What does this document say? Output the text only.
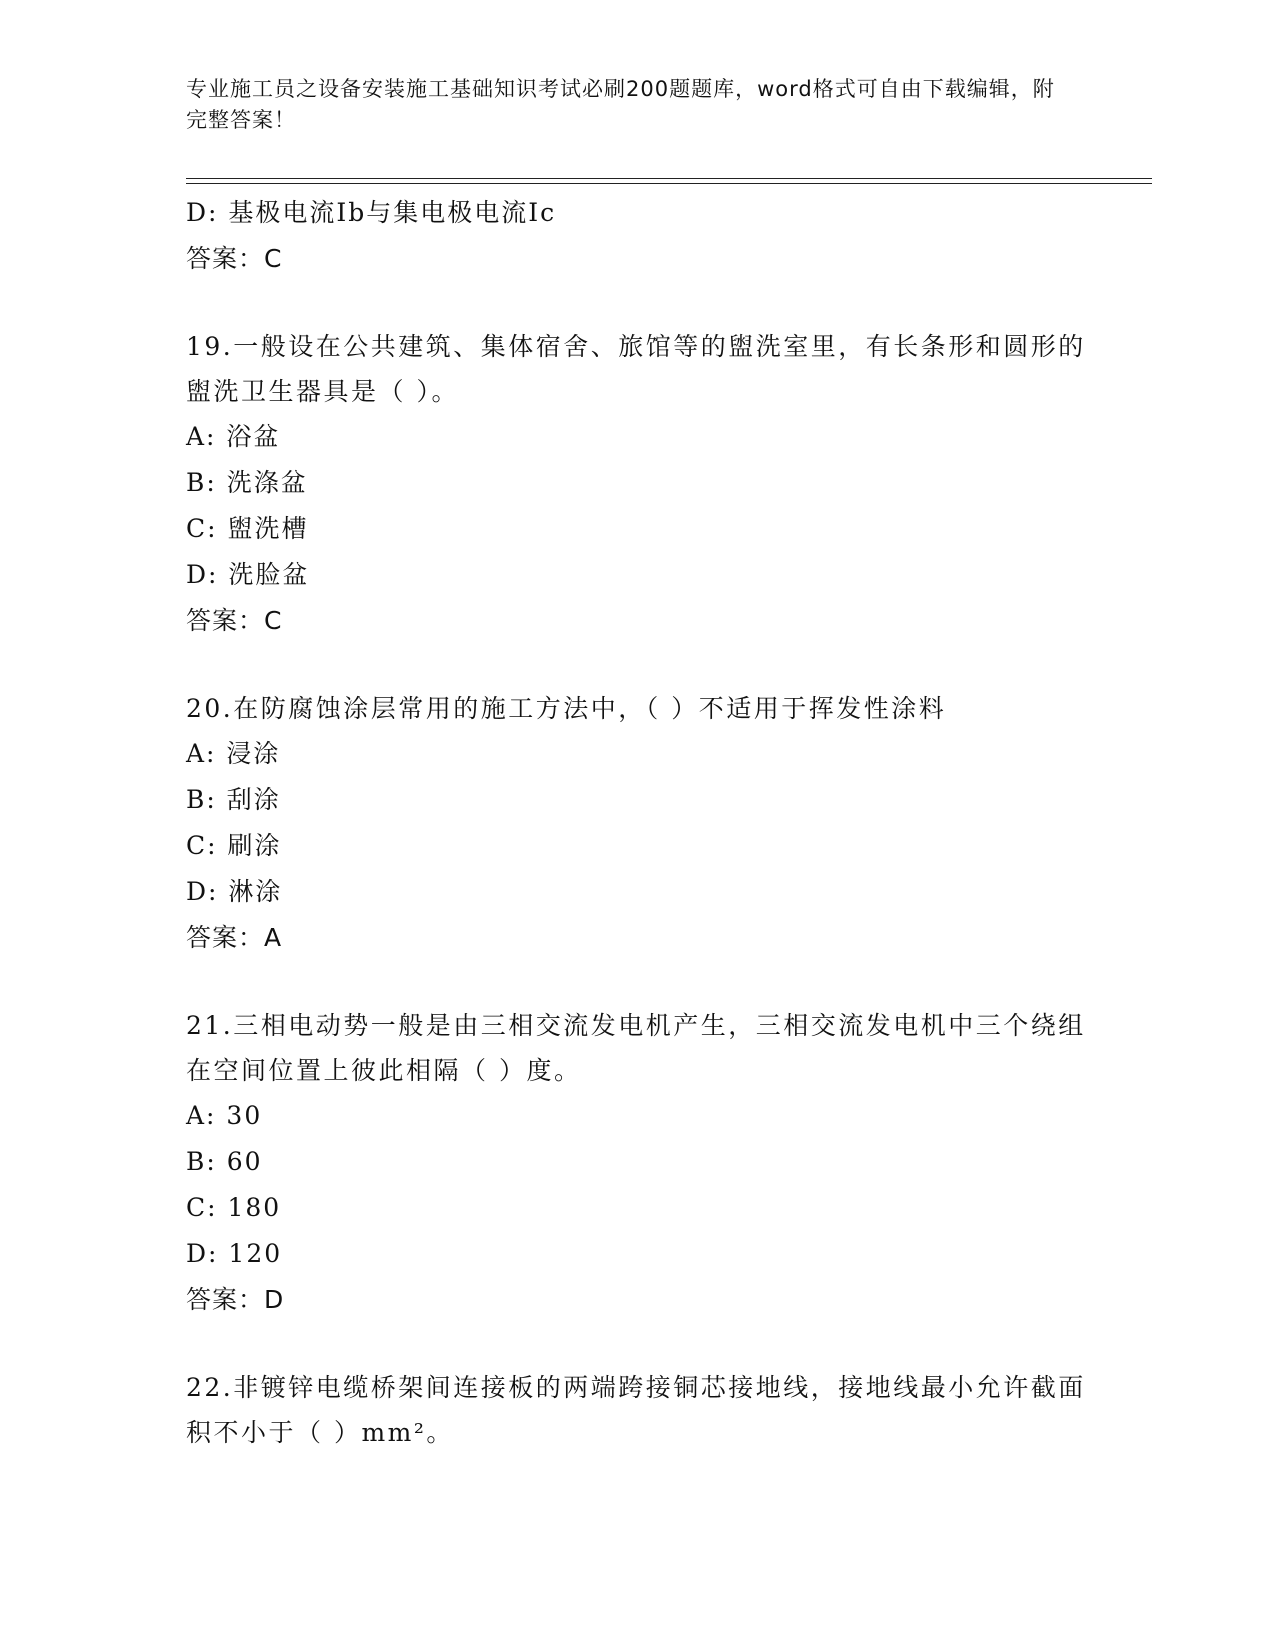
专业施工员之设备安装施工基础知识考试必刷200题题库，word格式可自由下载编辑，附完整答案！
D: 基极电流Ib与集电极电流Ic
答案：C
19.一般设在公共建筑、集体宿舍、旅馆等的盥洗室里，有长条形和圆形的盥洗卫生器具是（ ）。
A: 浴盆
B: 洗涤盆
C: 盥洗槽
D: 洗脸盆
答案：C
20.在防腐蚀涂层常用的施工方法中，（ ）不适用于挥发性涂料
A: 浸涂
B: 刮涂
C: 刷涂
D: 淋涂
答案：A
21.三相电动势一般是由三相交流发电机产生，三相交流发电机中三个绕组在空间位置上彼此相隔（ ）度。
A: 30
B: 60
C: 180
D: 120
答案：D
22.非镀锌电缆桥架间连接板的两端跨接铜芯接地线，接地线最小允许截面积不小于（ ）mm²。
